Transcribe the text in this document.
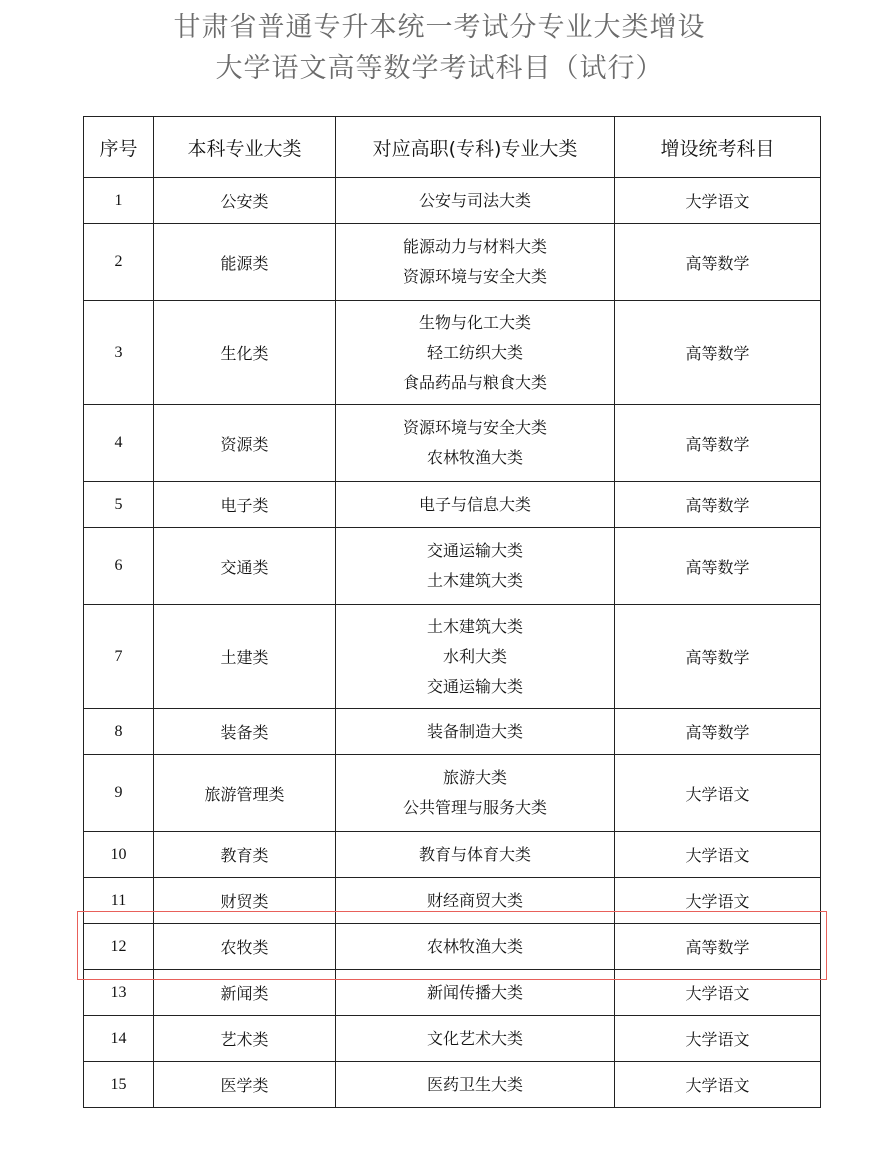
甘肃省普通专升本统一考试分专业大类增设
大学语文高等数学考试科目（试行）
序号	本科专业大类	对应高职(专科)专业大类	增设统考科目
1	公安类	公安与司法大类	大学语文
2	能源类	能源动力与材料大类
资源环境与安全大类	高等数学
3	生化类	生物与化工大类
轻工纺织大类
食品药品与粮食大类	高等数学
4	资源类	资源环境与安全大类
农林牧渔大类	高等数学
5	电子类	电子与信息大类	高等数学
6	交通类	交通运输大类
土木建筑大类	高等数学
7	土建类	土木建筑大类
水利大类
交通运输大类	高等数学
8	装备类	装备制造大类	高等数学
9	旅游管理类	旅游大类
公共管理与服务大类	大学语文
10	教育类	教育与体育大类	大学语文
11	财贸类	财经商贸大类	大学语文
12	农牧类	农林牧渔大类	高等数学
13	新闻类	新闻传播大类	大学语文
14	艺术类	文化艺术大类	大学语文
15	医学类	医药卫生大类	大学语文
